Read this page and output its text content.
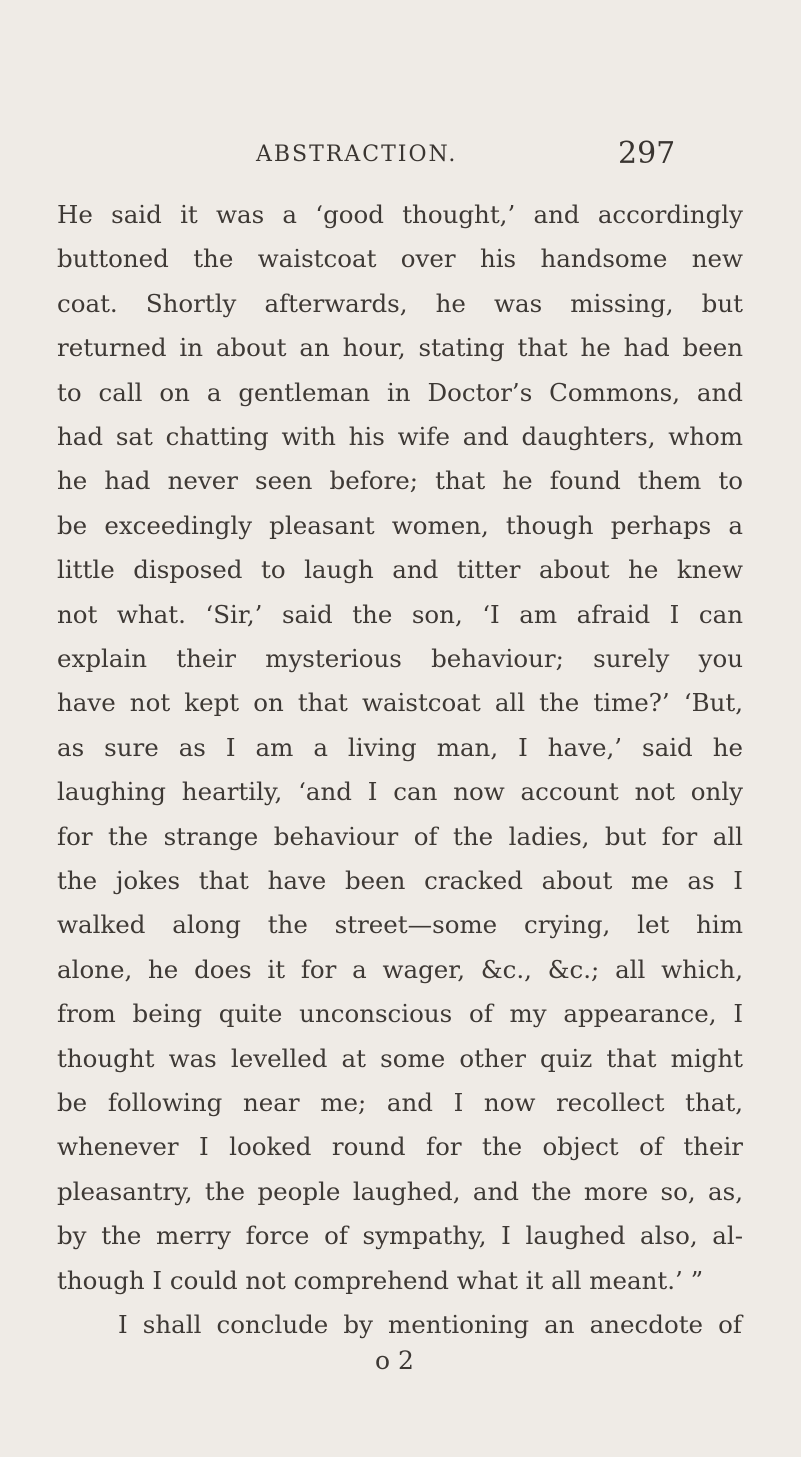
ABSTRACTION.	297
He said it was a ‘good thought,’ and accordingly
buttoned the waistcoat over his handsome new
coat. Shortly afterwards, he was missing, but
returned in about an hour, stating that he had been
to call on a gentleman in Doctor’s Commons, and
had sat chatting with his wife and daughters, whom
he had never seen before; that he found them to
be exceedingly pleasant women, though perhaps a
little disposed to laugh and titter about he knew
not what. ‘Sir,’ said the son, ‘I am afraid I can
explain their mysterious behaviour; surely you
have not kept on that waistcoat all the time?’ ‘But,
as sure as I am a living man, I have,’ said he
laughing heartily, ‘and I can now account not only
for the strange behaviour of the ladies, but for all
the jokes that have been cracked about me as I
walked along the street—some crying, let him
alone, he does it for a wager, &c., &c.; all which,
from being quite unconscious of my appearance, I
thought was levelled at some other quiz that might
be following near me; and I now recollect that,
whenever I looked round for the object of their
pleasantry, the people laughed, and the more so, as,
by the merry force of sympathy, I laughed also, al-
though I could not comprehend what it all meant.’ ”
I shall conclude by mentioning an anecdote of
o 2
